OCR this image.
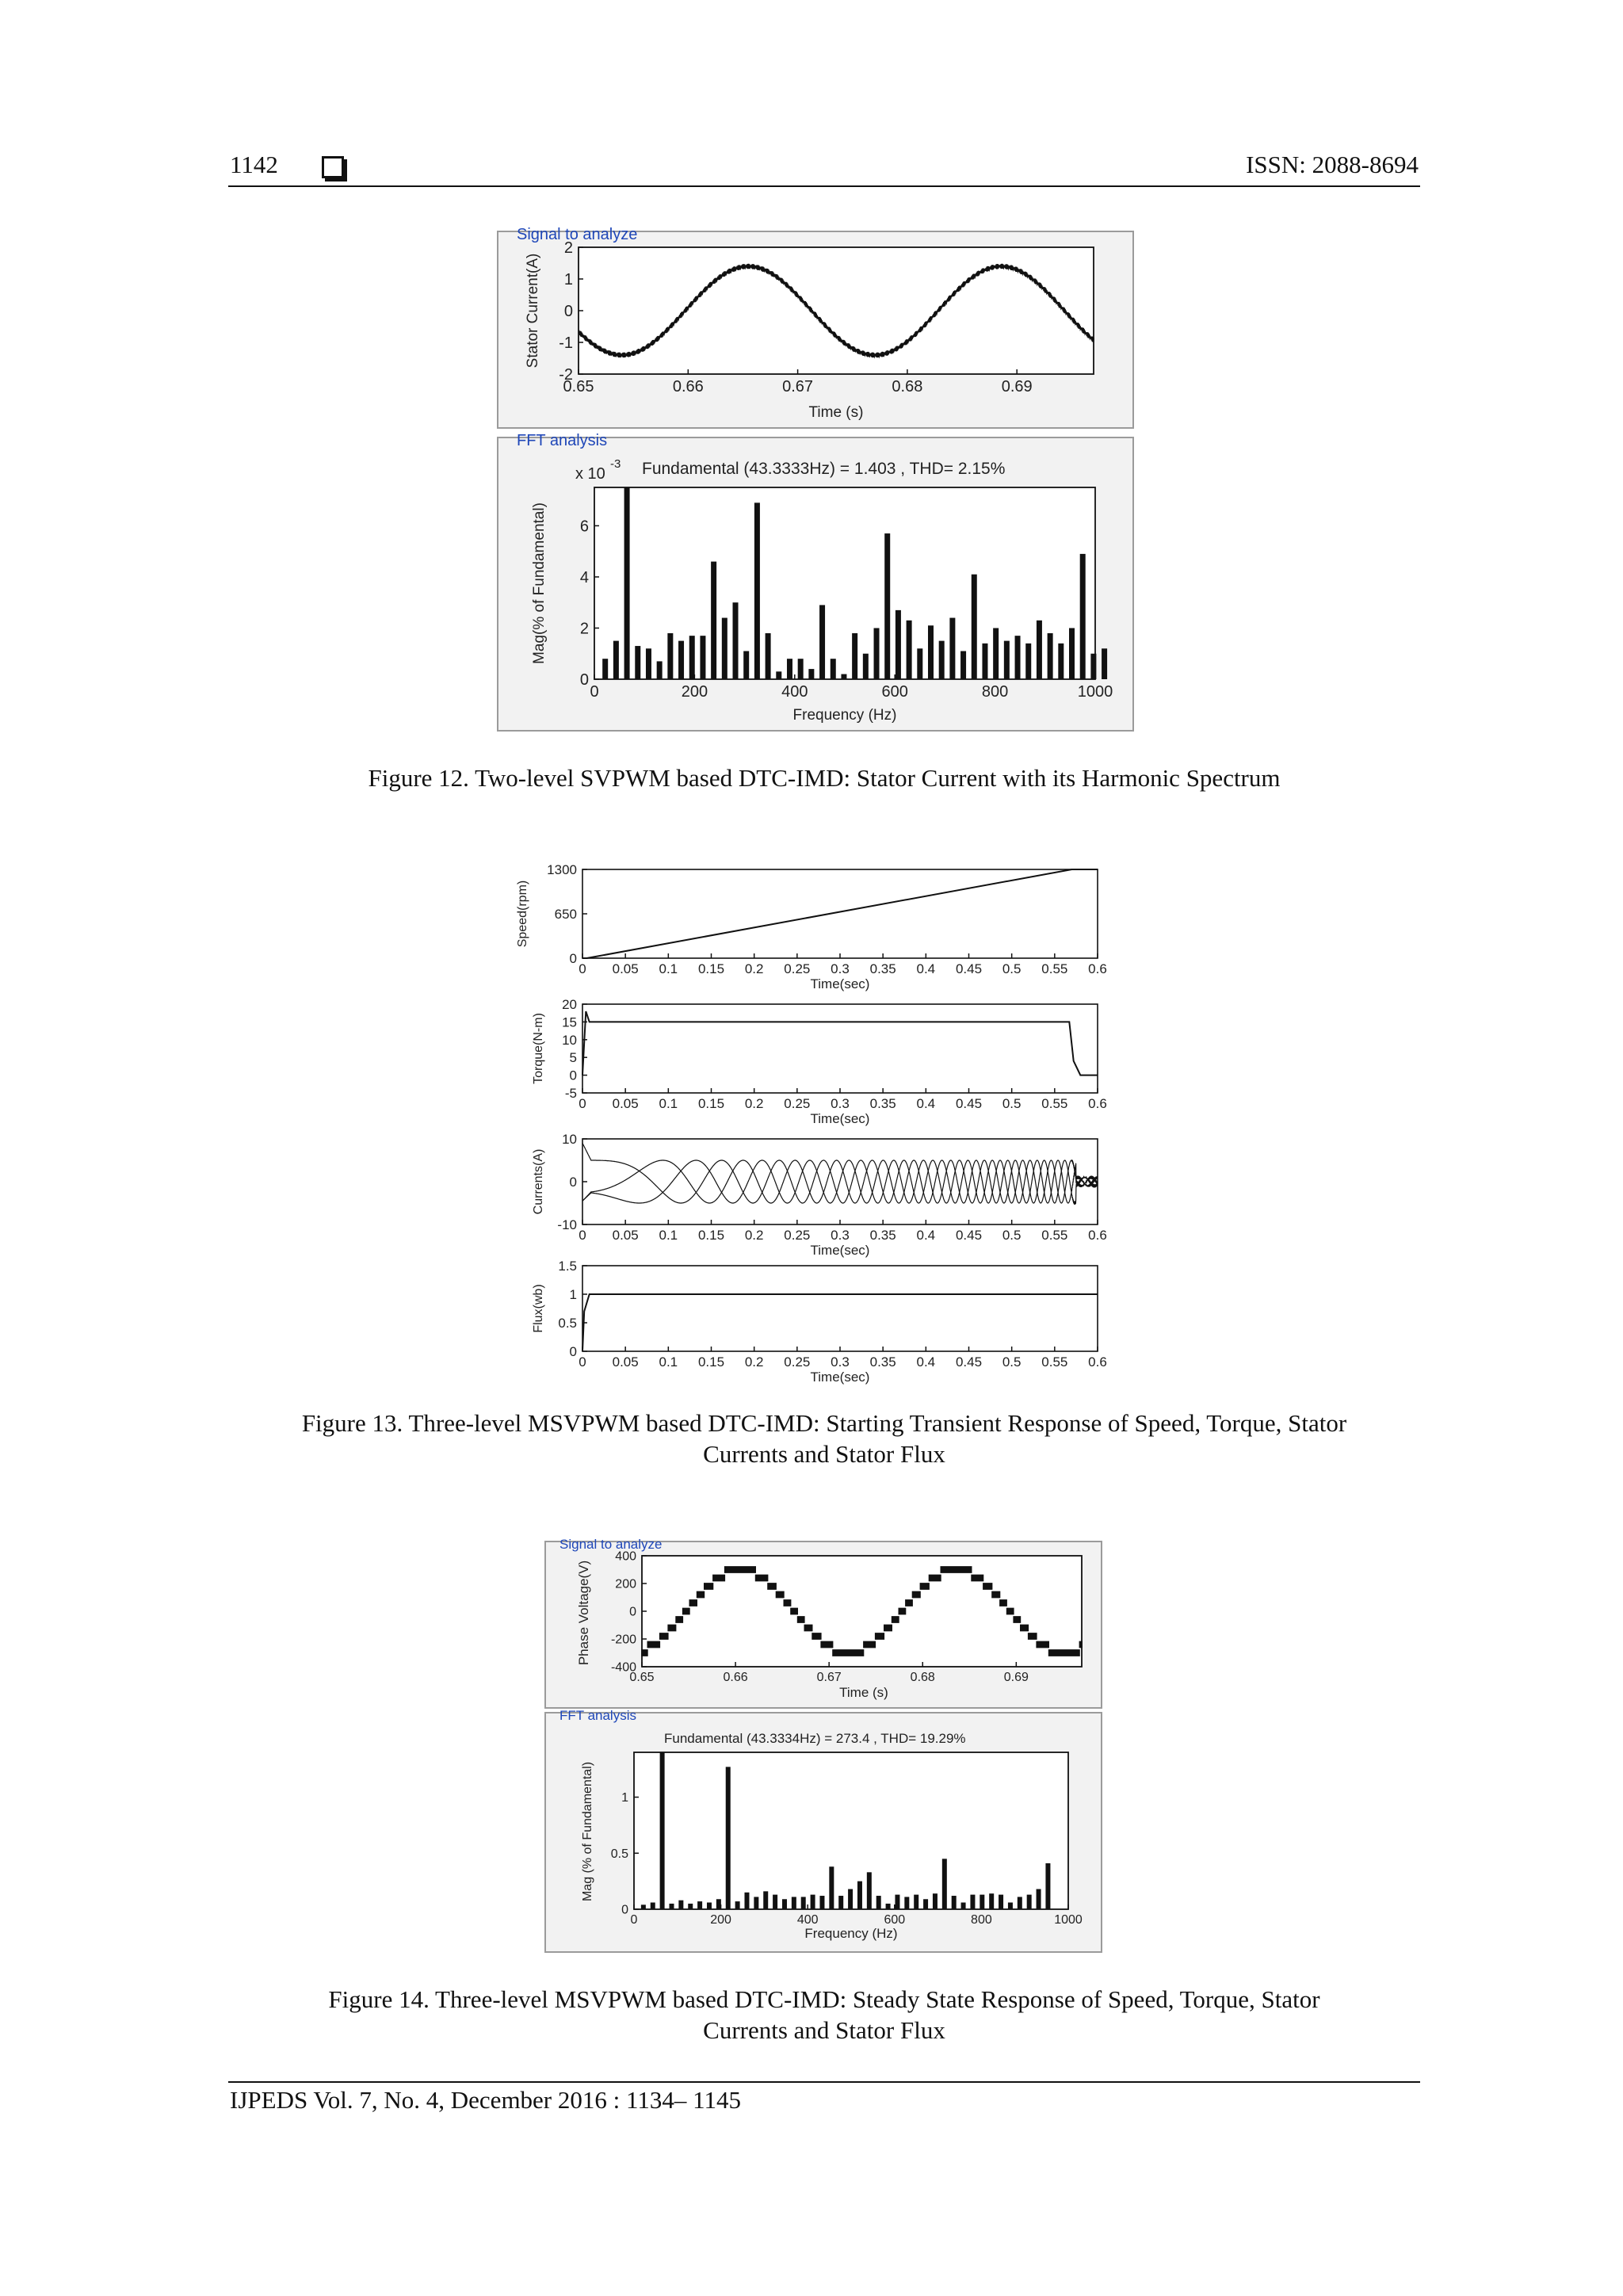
1142	ISSN: 2088-8694
Signal to analyze
0.65	0.66	0.67	0.68	0.69
-2
-1
0
1
2
Stator Current(A)
Time (s)
FFT analysis
Fundamental (43.3333Hz) = 1.403 , THD= 2.15%
x 10
-3
0	200	400	600	800	1000
0
2
4
6
Mag(% of Fundamental)
Frequency (Hz)
Figure 12. Two-level SVPWM based DTC-IMD: Stator Current with its Harmonic Spectrum
0 0.05 0.1 0.15 0.2 0.25 0.3 0.35 0.4 0.45 0.5 0.55 0.6
0
650
1300
Speed(rpm)
Time(sec)
0 0.05 0.1 0.15 0.2 0.25 0.3 0.35 0.4 0.45 0.5 0.55 0.6
-5
0
5
10
15
20
Torque(N-m)
Time(sec)
0 0.05 0.1 0.15 0.2 0.25 0.3 0.35 0.4 0.45 0.5 0.55 0.6
-10
0
10
Currents(A)
Time(sec)
0 0.05 0.1 0.15 0.2 0.25 0.3 0.35 0.4 0.45 0.5 0.55 0.6
0
0.5
1
1.5
Flux(wb)
Time(sec)
Figure 13. Three-level MSVPWM based DTC-IMD: Starting Transient Response of Speed, Torque, Stator
Currents and Stator Flux
Signal to analyze
0.65	0.66	0.67	0.68	0.69
-400
-200
0
200
400
Phase Voltage(V)
Time (s)
FFT analysis
Fundamental (43.3334Hz) = 273.4 , THD= 19.29%
0	200	400	600	800	1000
0
0.5
1
Mag (% of Fundamental)
Frequency (Hz)
Figure 14. Three-level MSVPWM based DTC-IMD: Steady State Response of Speed, Torque, Stator
Currents and Stator Flux
IJPEDS Vol. 7, No. 4, December 2016 : 1134– 1145
